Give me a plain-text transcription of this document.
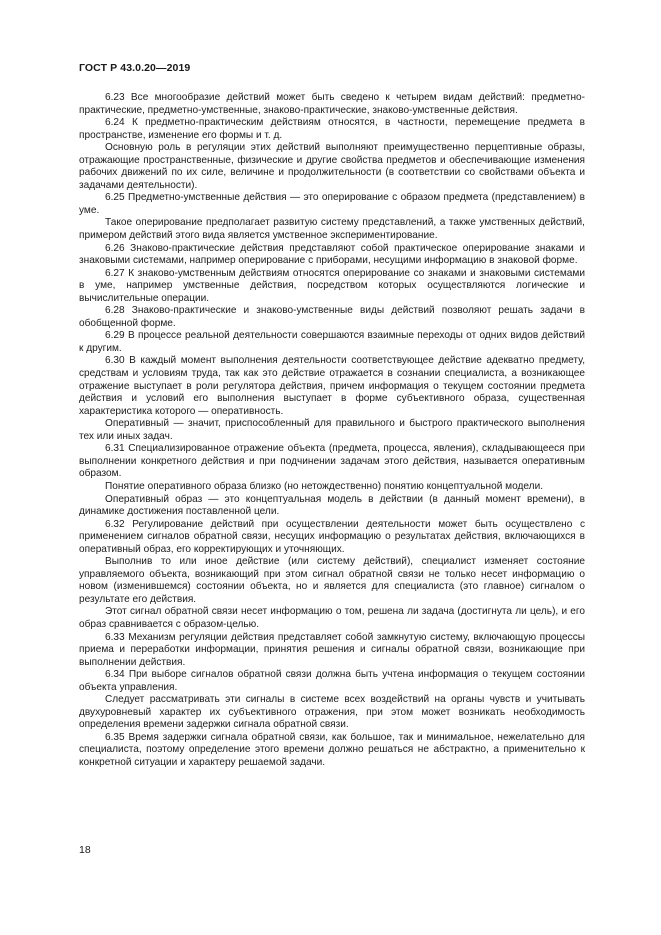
ГОСТ Р 43.0.20—2019

6.23 Все многообразие действий может быть сведено к четырем видам действий: предметно-практические, предметно-умственные, знаково-практические, знаково-умственные действия.

6.24 К предметно-практическим действиям относятся, в частности, перемещение предмета в пространстве, изменение его формы и т. д.

Основную роль в регуляции этих действий выполняют преимущественно перцептивные образы, отражающие пространственные, физические и другие свойства предметов и обеспечивающие изменения рабочих движений по их силе, величине и продолжительности (в соответствии со свойствами объекта и задачами деятельности).

6.25 Предметно-умственные действия — это оперирование с образом предмета (представлением) в уме.

Такое оперирование предполагает развитую систему представлений, а также умственных действий, примером действий этого вида является умственное экспериментирование.

6.26 Знаково-практические действия представляют собой практическое оперирование знаками и знаковыми системами, например оперирование с приборами, несущими информацию в знаковой форме.

6.27 К знаково-умственным действиям относятся оперирование со знаками и знаковыми системами в уме, например умственные действия, посредством которых осуществляются логические и вычислительные операции.

6.28 Знаково-практические и знаково-умственные виды действий позволяют решать задачи в обобщенной форме.

6.29 В процессе реальной деятельности совершаются взаимные переходы от одних видов действий к другим.

6.30 В каждый момент выполнения деятельности соответствующее действие адекватно предмету, средствам и условиям труда, так как это действие отражается в сознании специалиста, а возникающее отражение выступает в роли регулятора действия, причем информация о текущем состоянии предмета действия и условий его выполнения выступает в форме субъективного образа, существенная характеристика которого — оперативность.

Оперативный — значит, приспособленный для правильного и быстрого практического выполнения тех или иных задач.

6.31 Специализированное отражение объекта (предмета, процесса, явления), складывающееся при выполнении конкретного действия и при подчинении задачам этого действия, называется оперативным образом.

Понятие оперативного образа близко (но нетождественно) понятию концептуальной модели.

Оперативный образ — это концептуальная модель в действии (в данный момент времени), в динамике достижения поставленной цели.

6.32 Регулирование действий при осуществлении деятельности может быть осуществлено с применением сигналов обратной связи, несущих информацию о результатах действия, включающихся в оперативный образ, его корректирующих и уточняющих.

Выполнив то или иное действие (или систему действий), специалист изменяет состояние управляемого объекта, возникающий при этом сигнал обратной связи не только несет информацию о новом (изменившемся) состоянии объекта, но и является для специалиста (это главное) сигналом о результате его действия.

Этот сигнал обратной связи несет информацию о том, решена ли задача (достигнута ли цель), и его образ сравнивается с образом-целью.

6.33 Механизм регуляции действия представляет собой замкнутую систему, включающую процессы приема и переработки информации, принятия решения и сигналы обратной связи, возникающие при выполнении действия.

6.34 При выборе сигналов обратной связи должна быть учтена информация о текущем состоянии объекта управления.

Следует рассматривать эти сигналы в системе всех воздействий на органы чувств и учитывать двухуровневый характер их субъективного отражения, при этом может возникать необходимость определения времени задержки сигнала обратной связи.

6.35 Время задержки сигнала обратной связи, как большое, так и минимальное, нежелательно для специалиста, поэтому определение этого времени должно решаться не абстрактно, а применительно к конкретной ситуации и характеру решаемой задачи.

18
